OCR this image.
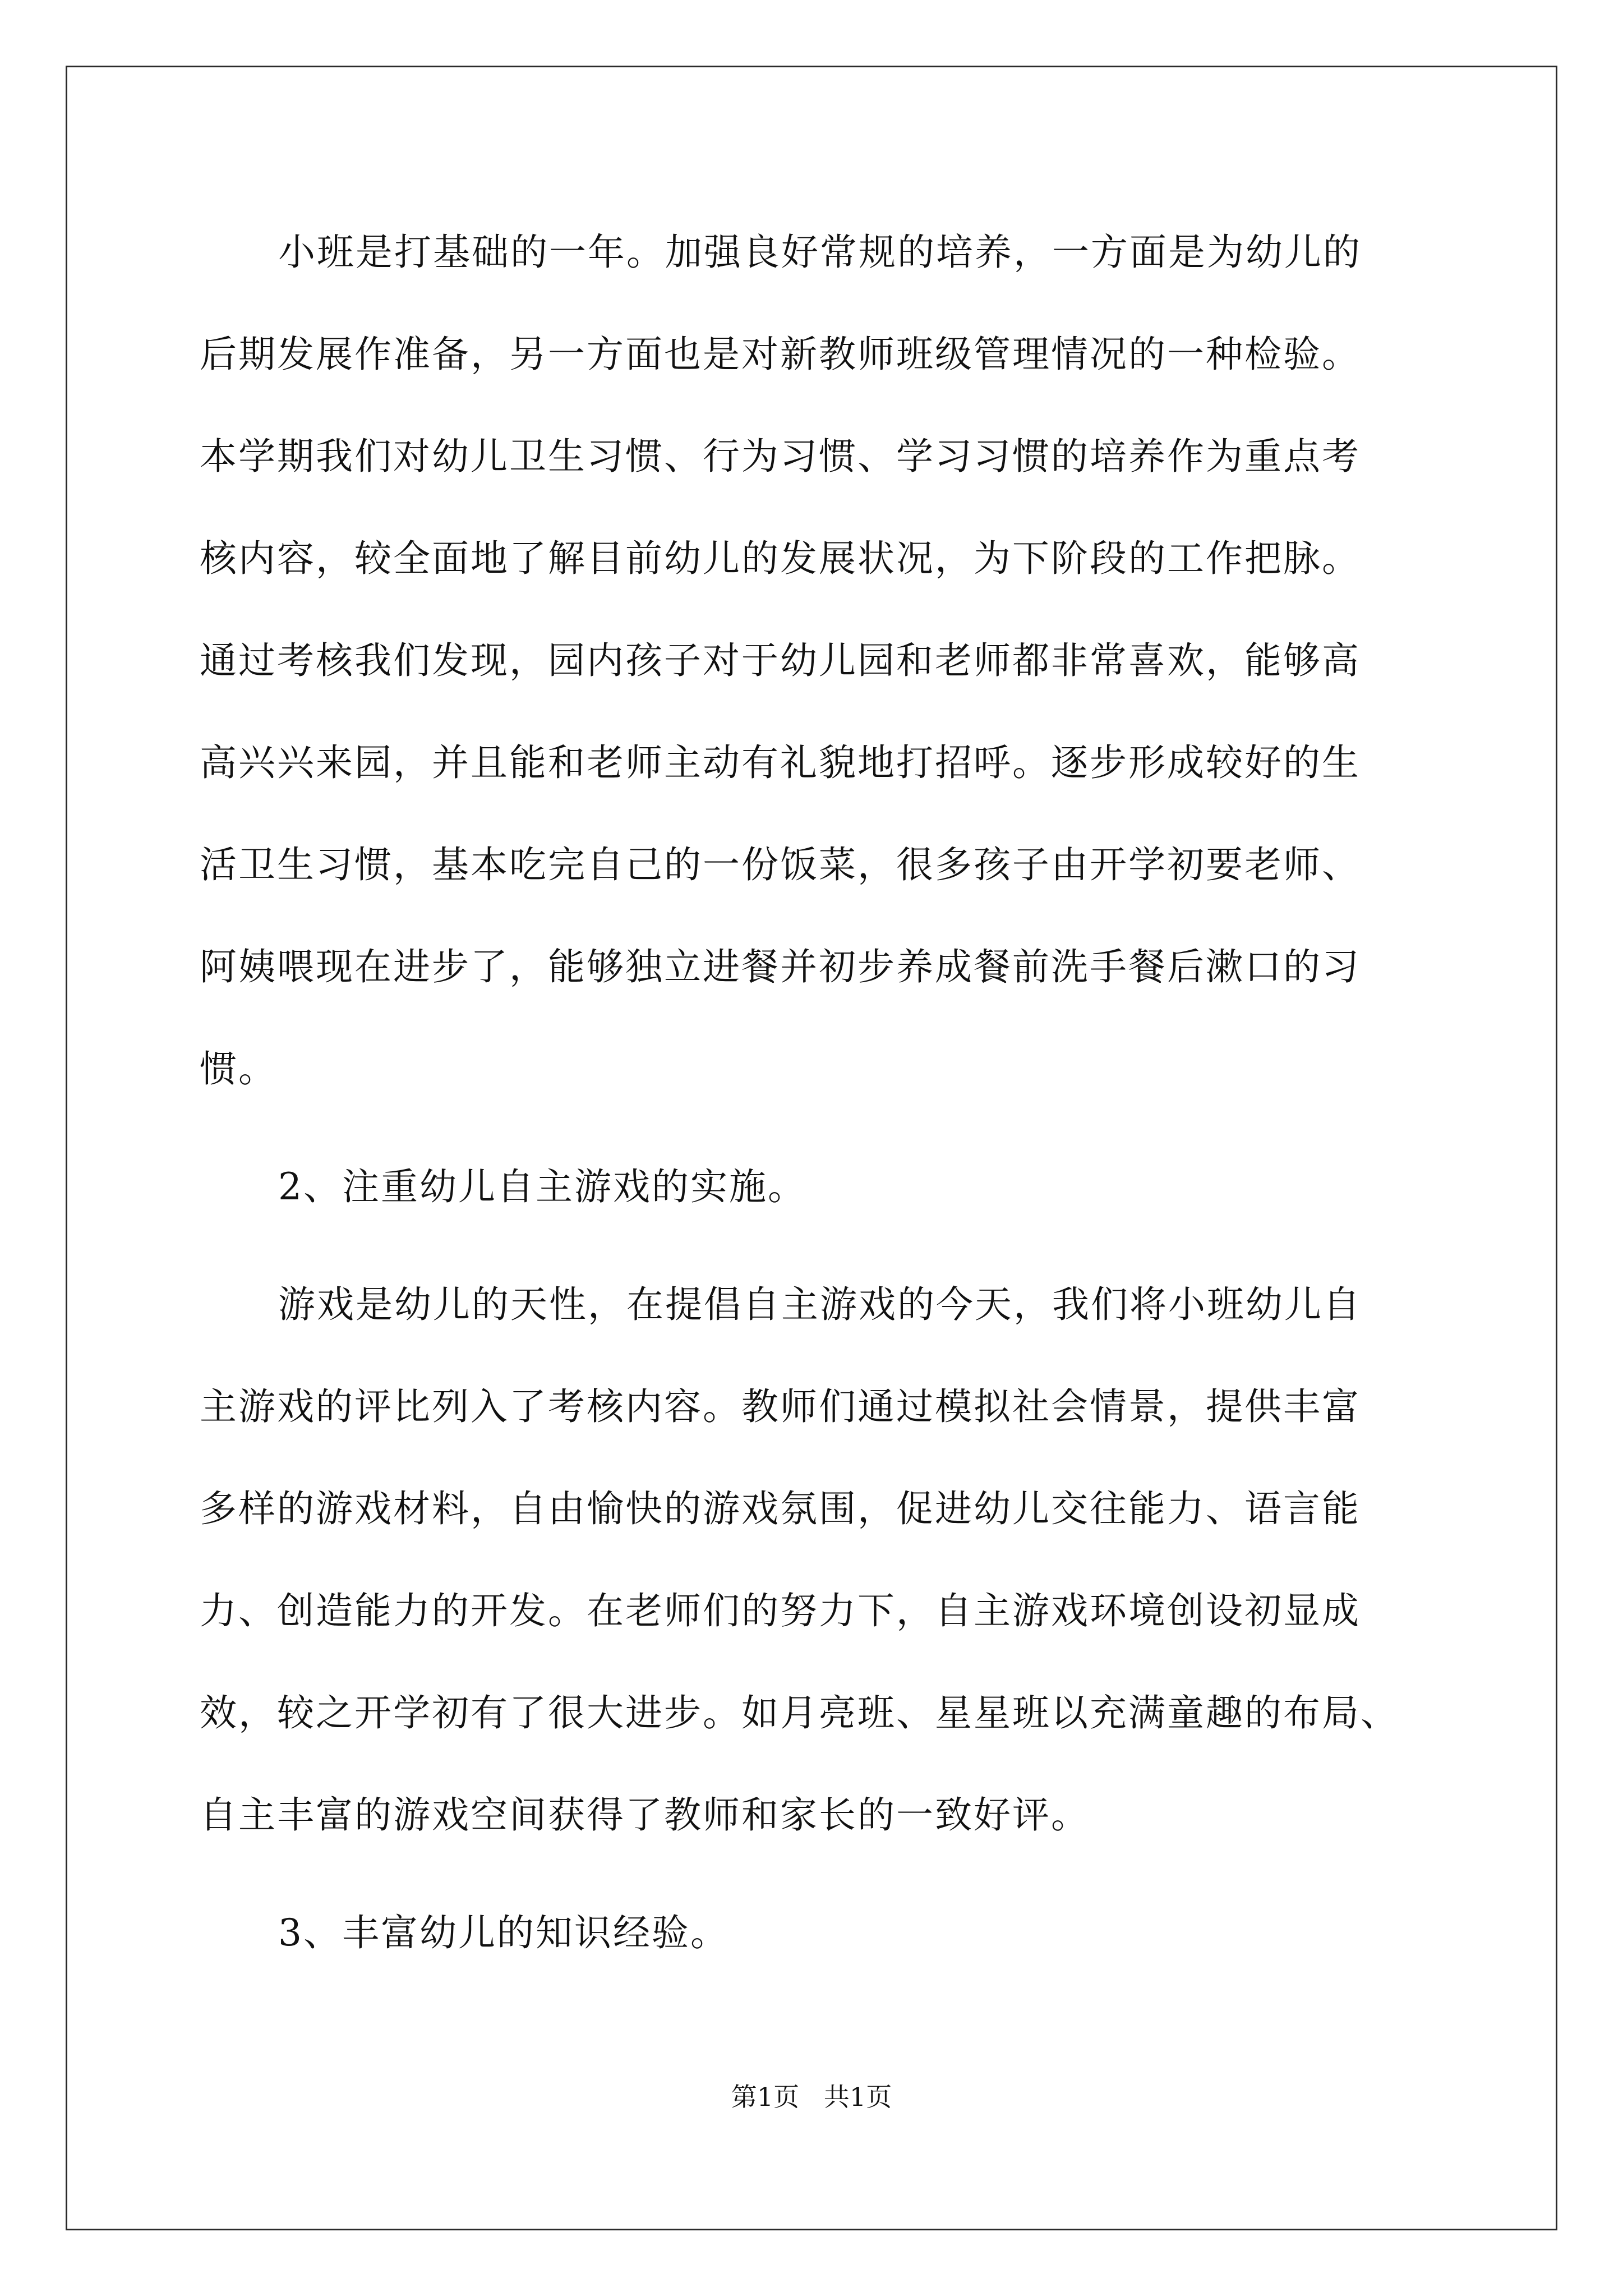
小班是打基础的一年。加强良好常规的培养，一方面是为幼儿的
后期发展作准备，另一方面也是对新教师班级管理情况的一种检验。
本学期我们对幼儿卫生习惯、行为习惯、学习习惯的培养作为重点考
核内容，较全面地了解目前幼儿的发展状况，为下阶段的工作把脉。
通过考核我们发现，园内孩子对于幼儿园和老师都非常喜欢，能够高
高兴兴来园，并且能和老师主动有礼貌地打招呼。逐步形成较好的生
活卫生习惯，基本吃完自己的一份饭菜，很多孩子由开学初要老师、
阿姨喂现在进步了，能够独立进餐并初步养成餐前洗手餐后漱口的习
惯。
2、注重幼儿自主游戏的实施。
游戏是幼儿的天性，在提倡自主游戏的今天，我们将小班幼儿自
主游戏的评比列入了考核内容。教师们通过模拟社会情景，提供丰富
多样的游戏材料，自由愉快的游戏氛围，促进幼儿交往能力、语言能
力、创造能力的开发。在老师们的努力下，自主游戏环境创设初显成
效，较之开学初有了很大进步。如月亮班、星星班以充满童趣的布局、
自主丰富的游戏空间获得了教师和家长的一致好评。
3、丰富幼儿的知识经验。
第1页   共1页
